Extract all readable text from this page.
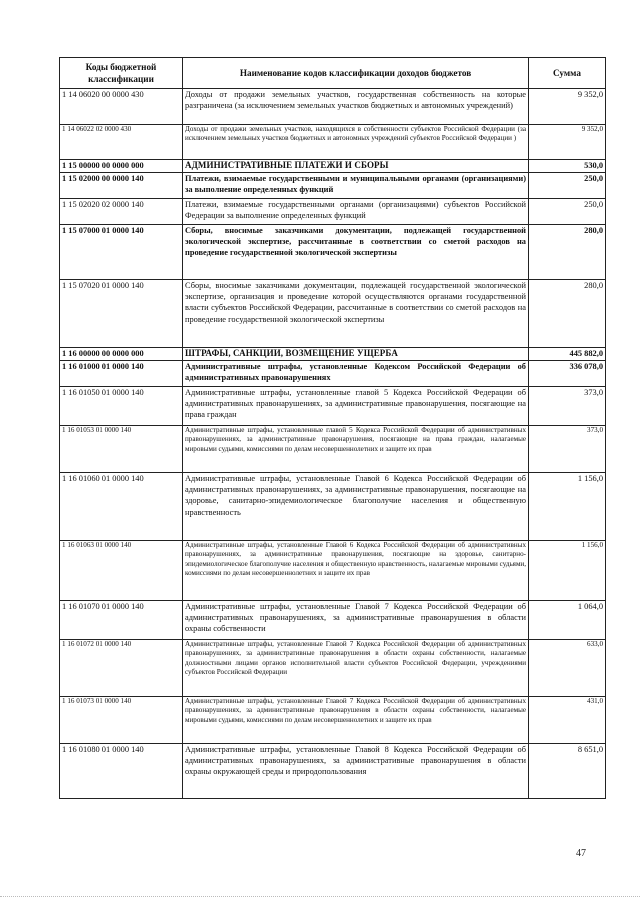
Коды бюджетной классификации	Наименование кодов классификации доходов бюджетов	Сумма
1 14 06020 00 0000 430	Доходы от продажи земельных участков, государственная собственность на которые разграничена (за исключением земельных участков бюджетных и автономных учреждений)	9 352,0
1 14 06022 02 0000 430	Доходы от продажи земельных участков, находящихся в собственности субъектов Российской Федерации (за исключением земельных участков бюджетных и автономных учреждений субъектов Российской Федерации )	9 352,0
1 15 00000 00 0000 000	АДМИНИСТРАТИВНЫЕ ПЛАТЕЖИ И СБОРЫ	530,0
1 15 02000 00 0000 140	Платежи, взимаемые государственными и муниципальными органами (организациями) за выполнение определенных функций	250,0
1 15 02020 02 0000 140	Платежи, взимаемые государственными органами (организациями) субъектов Российской Федерации за выполнение определенных функций	250,0
1 15 07000 01 0000 140	Сборы, вносимые заказчиками документации, подлежащей государственной экологической экспертизе, рассчитанные в соответствии со сметой расходов на проведение государственной экологической экспертизы	280,0
1 15 07020 01 0000 140	Сборы, вносимые заказчиками документации, подлежащей государственной экологической экспертизе, организация и проведение которой осуществляются органами государственной власти субъектов Российской Федерации, рассчитанные в соответствии со сметой расходов на проведение государственной экологической экспертизы	280,0
1 16 00000 00 0000 000	ШТРАФЫ, САНКЦИИ, ВОЗМЕЩЕНИЕ УЩЕРБА	445 882,0
1 16 01000 01 0000 140	Административные штрафы, установленные Кодексом Российской Федерации об административных правонарушениях	336 078,0
1 16 01050 01 0000 140	Административные штрафы, установленные главой 5 Кодекса Российской Федерации об административных правонарушениях, за административные правонарушения, посягающие на права граждан	373,0
1 16 01053 01 0000 140	Административные штрафы, установленные главой 5 Кодекса Российской Федерации об административных правонарушениях, за административные правонарушения, посягающие на права граждан, налагаемые мировыми судьями, комиссиями по делам несовершеннолетних и защите их прав	373,0
1 16 01060 01 0000 140	Административные штрафы, установленные Главой 6 Кодекса Российской Федерации об административных правонарушениях, за административные правонарушения, посягающие на здоровье, санитарно-эпидемиологическое благополучие населения и общественную нравственность	1 156,0
1 16 01063 01 0000 140	Административные штрафы, установленные Главой 6 Кодекса Российской Федерации об административных правонарушениях, за административные правонарушения, посягающие на здоровье, санитарно-эпидемиологическое благополучие населения и общественную нравственность, налагаемые мировыми судьями, комиссиями по делам несовершеннолетних и защите их прав	1 156,0
1 16 01070 01 0000 140	Административные штрафы, установленные Главой 7 Кодекса Российской Федерации об административных правонарушениях, за административные правонарушения в области охраны собственности	1 064,0
1 16 01072 01 0000 140	Административные штрафы, установленные Главой 7 Кодекса Российской Федерации об административных правонарушениях, за административные правонарушения в области охраны собственности, налагаемые должностными лицами органов исполнительной власти субъектов Российской Федерации, учреждениями субъектов Российской Федерации	633,0
1 16 01073 01 0000 140	Административные штрафы, установленные Главой 7 Кодекса Российской Федерации об административных правонарушениях, за административные правонарушения в области охраны собственности, налагаемые мировыми судьями, комиссиями по делам несовершеннолетних и защите их прав	431,0
1 16 01080 01 0000 140	Административные штрафы, установленные Главой 8 Кодекса Российской Федерации об административных правонарушениях, за административные правонарушения в области охраны окружающей среды и природопользования	8 651,0
47
